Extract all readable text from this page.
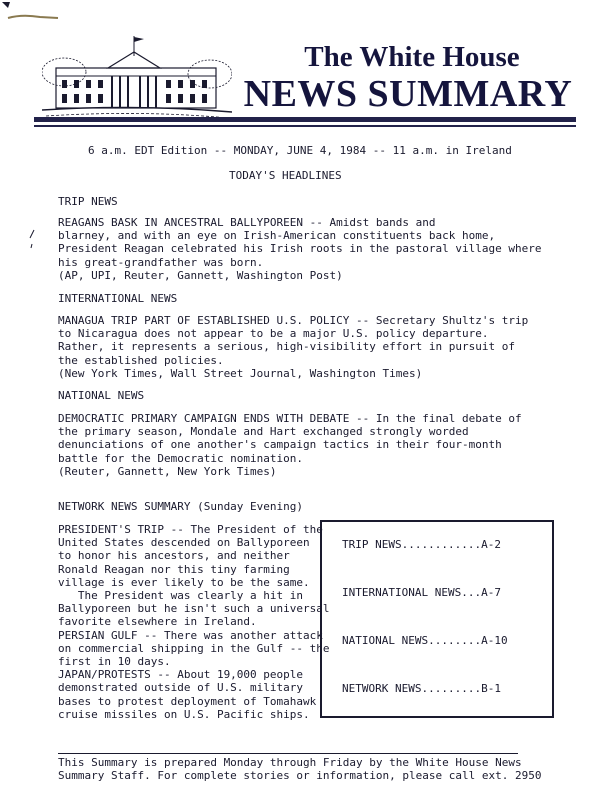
The White House
NEWS SUMMARY
6 a.m. EDT Edition -- MONDAY, JUNE 4, 1984 -- 11 a.m. in Ireland
TODAY'S HEADLINES
TRIP NEWS
REAGANS BASK IN ANCESTRAL BALLYPOREEN -- Amidst bands and
blarney, and with an eye on Irish-American constituents back home,
President Reagan celebrated his Irish roots in the pastoral village where
his great-grandfather was born.
(AP, UPI, Reuter, Gannett, Washington Post)
INTERNATIONAL NEWS
MANAGUA TRIP PART OF ESTABLISHED U.S. POLICY -- Secretary Shultz's trip
to Nicaragua does not appear to be a major U.S. policy departure.
Rather, it represents a serious, high-visibility effort in pursuit of
the established policies.
(New York Times, Wall Street Journal, Washington Times)
NATIONAL NEWS
DEMOCRATIC PRIMARY CAMPAIGN ENDS WITH DEBATE -- In the final debate of
the primary season, Mondale and Hart exchanged strongly worded
denunciations of one another's campaign tactics in their four-month
battle for the Democratic nomination.
(Reuter, Gannett, New York Times)
NETWORK NEWS SUMMARY (Sunday Evening)
PRESIDENT'S TRIP -- The President of the
United States descended on Ballyporeen
to honor his ancestors, and neither
Ronald Reagan nor this tiny farming
village is ever likely to be the same.
The President was clearly a hit in
Ballyporeen but he isn't such a universal
favorite elsewhere in Ireland.
PERSIAN GULF -- There was another attack
on commercial shipping in the Gulf -- the
first in 10 days.
JAPAN/PROTESTS -- About 19,000 people
demonstrated outside of U.S. military
bases to protest deployment of Tomahawk
cruise missiles on U.S. Pacific ships.
TRIP NEWS............A-2
INTERNATIONAL NEWS...A-7
NATIONAL NEWS........A-10
NETWORK NEWS.........B-1
This Summary is prepared Monday through Friday by the White House News
Summary Staff. For complete stories or information, please call ext. 2950
